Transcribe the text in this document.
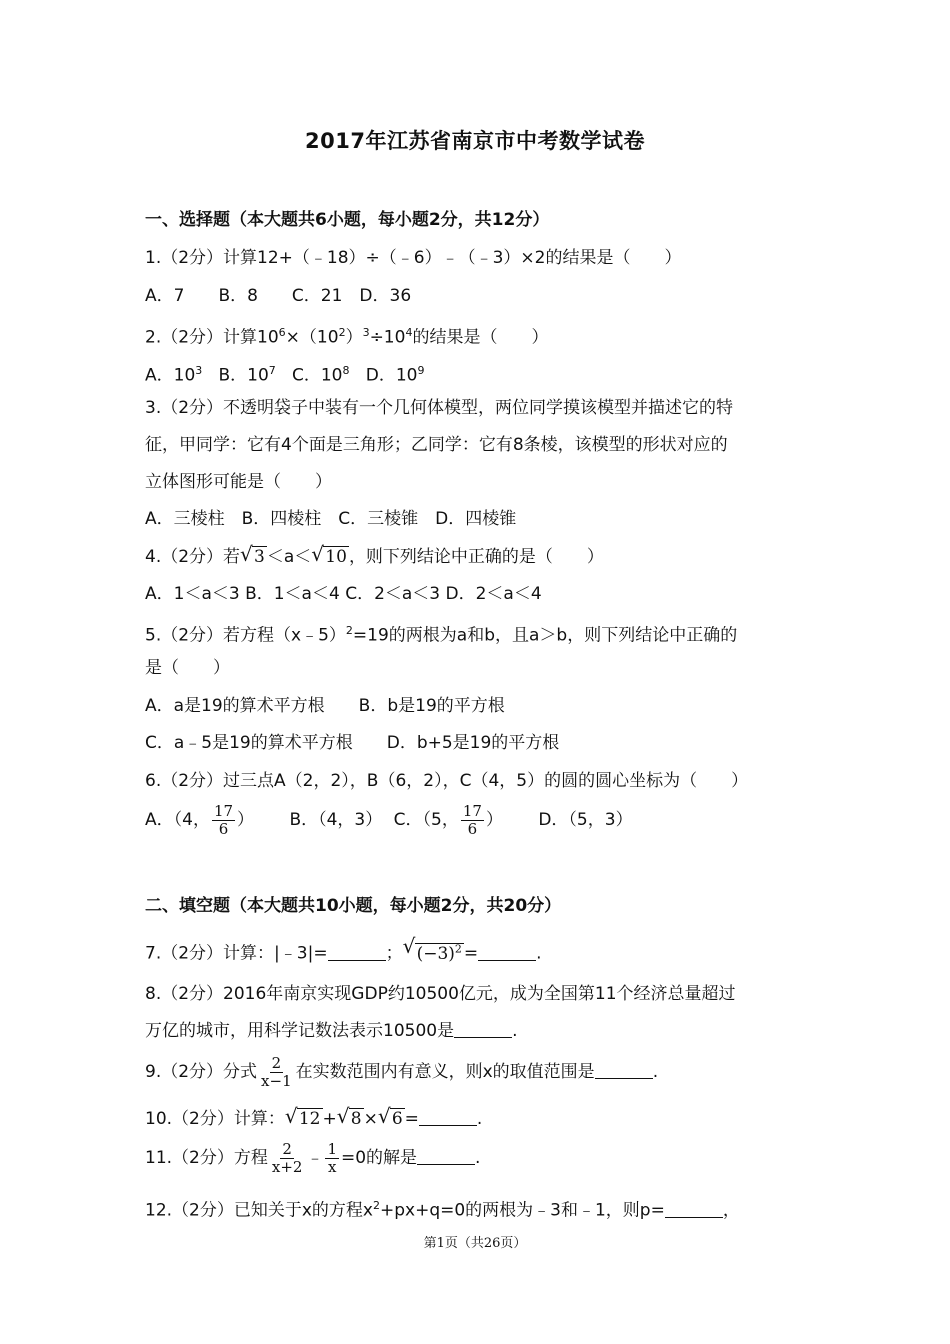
2017年江苏省南京市中考数学试卷
一、选择题（本大题共6小题，每小题2分，共12分）
1.（2分）计算12+（﹣18）÷（﹣6）﹣（﹣3）×2的结果是（　　）
A．7　　B．8　　C．21　D．36
2.（2分）计算$10^6\times(10^2)^3\div 10^4$的结果是（　　）
A．$10^3$ B．$10^7$ C．$10^8$ D．$10^9$
3.（2分）不透明袋子中装有一个几何体模型，两位同学摸该模型并描述它的特
征，甲同学：它有4个面是三角形；乙同学：它有8条棱，该模型的形状对应的
立体图形可能是（　　）
A．三棱柱　B．四棱柱　C．三棱锥　D．四棱锥
4.（2分）若 √ 3 ＜a＜ √ 10 ，则下列结论中正确的是（　　）
A．1＜a＜3 B．1＜a＜4 C．2＜a＜3 D．2＜a＜4
5.（2分）若方程（x﹣5）$^2$=19的两根为a和b，且a＞b，则下列结论中正确的
是（　　）
A．a是19的算术平方根　　B．b是19的平方根
C．a﹣5是19的算术平方根　　D．b+5是19的平方根
6.（2分）过三点A（2，2），B（6，2），C（4，5）的圆的圆心坐标为（　　）
A．（4， $\frac{17}{6}$ ） B．（4，3） C．（5， $\frac{17}{6}$ ） D．（5，3）
二、填空题（本大题共10小题，每小题2分，共20分）
7.（2分）计算：|﹣3|=	； √ $(-3)^2$ =	.
8.（2分）2016年南京实现GDP约10500亿元，成为全国第11个经济总量超过
万亿的城市，用科学记数法表示10500是	.
9.（2分）分式 $\frac{2}{x-1}$ 在实数范围内有意义，则x的取值范围是	.
10.（2分）计算： √ 12 + √ 8 × √ 6 =	.
11.（2分）方程 $\frac{2}{x+2}$ ﹣ $\frac{1}{x} =0$的解是	.
12.（2分）已知关于x的方程$x^2+px+q=0$的两根为﹣3和﹣1，则p=	，
第1页（共26页）
